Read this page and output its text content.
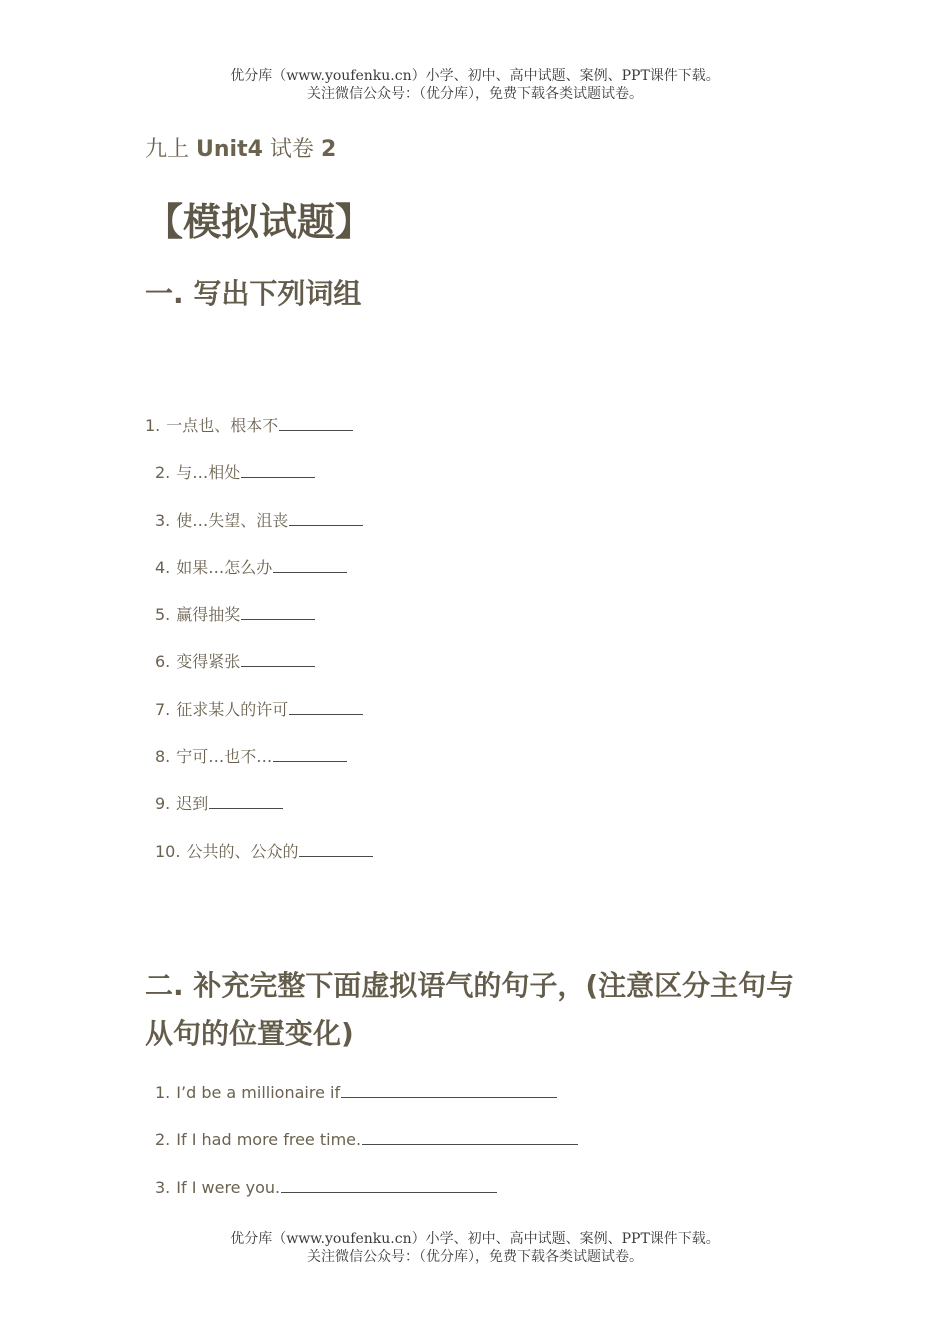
优分库（www.youfenku.cn）小学、初中、高中试题、案例、PPT课件下载。
关注微信公众号：（优分库），免费下载各类试题试卷。
九上 Unit4 试卷 2
【模拟试题】
一. 写出下列词组
1. 一点也、根本不
2. 与…相处
3. 使…失望、沮丧
4. 如果…怎么办
5. 赢得抽奖
6. 变得紧张
7. 征求某人的许可
8. 宁可…也不…
9. 迟到
10. 公共的、公众的
二. 补充完整下面虚拟语气的句子，(注意区分主句与从句的位置变化)
1. I’d be a millionaire if
2. If I had more free time.
3. If I were you.
优分库（www.youfenku.cn）小学、初中、高中试题、案例、PPT课件下载。
关注微信公众号：（优分库），免费下载各类试题试卷。
